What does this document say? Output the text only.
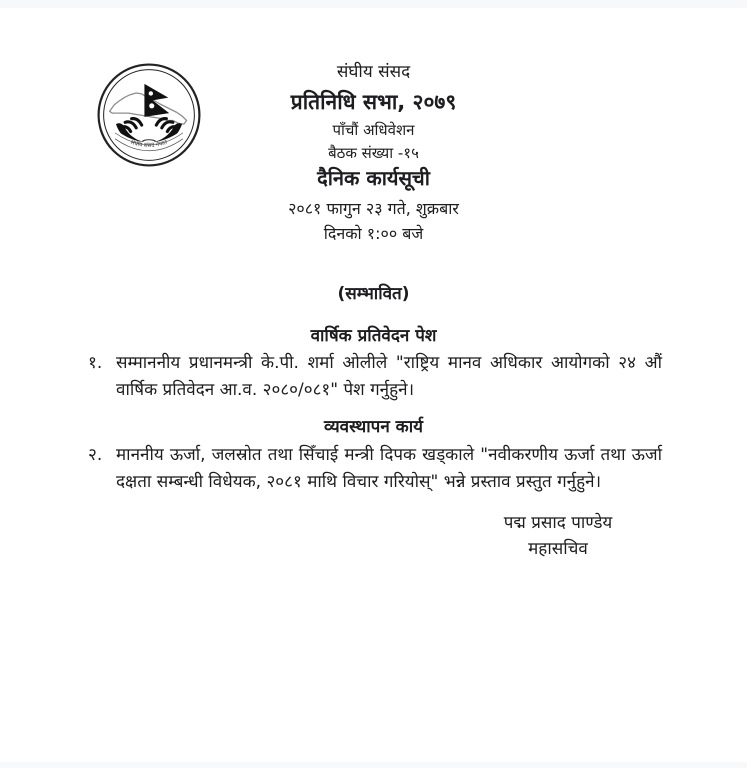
संघीय संसद नेपाल
संघीय संसद
प्रतिनिधि सभा, २०७९
पाँचौं अधिवेशन
बैठक संख्या -१५
दैनिक कार्यसूची
२०८१ फागुन २३ गते, शुक्रबार
दिनको १:०० बजे
(सम्भावित)
वार्षिक प्रतिवेदन पेश
१. सम्माननीय प्रधानमन्त्री के.पी. शर्मा ओलीले "राष्ट्रिय मानव अधिकार आयोगको २४ औं वार्षिक प्रतिवेदन आ.व. २०८०/०८१" पेश गर्नुहुने।
व्यवस्थापन कार्य
२. माननीय ऊर्जा, जलस्रोत तथा सिँचाई मन्त्री दिपक खड्काले "नवीकरणीय ऊर्जा तथा ऊर्जा दक्षता सम्बन्धी विधेयक, २०८१ माथि विचार गरियोस्" भन्ने प्रस्ताव प्रस्तुत गर्नुहुने।
पद्म प्रसाद पाण्डेय
महासचिव
